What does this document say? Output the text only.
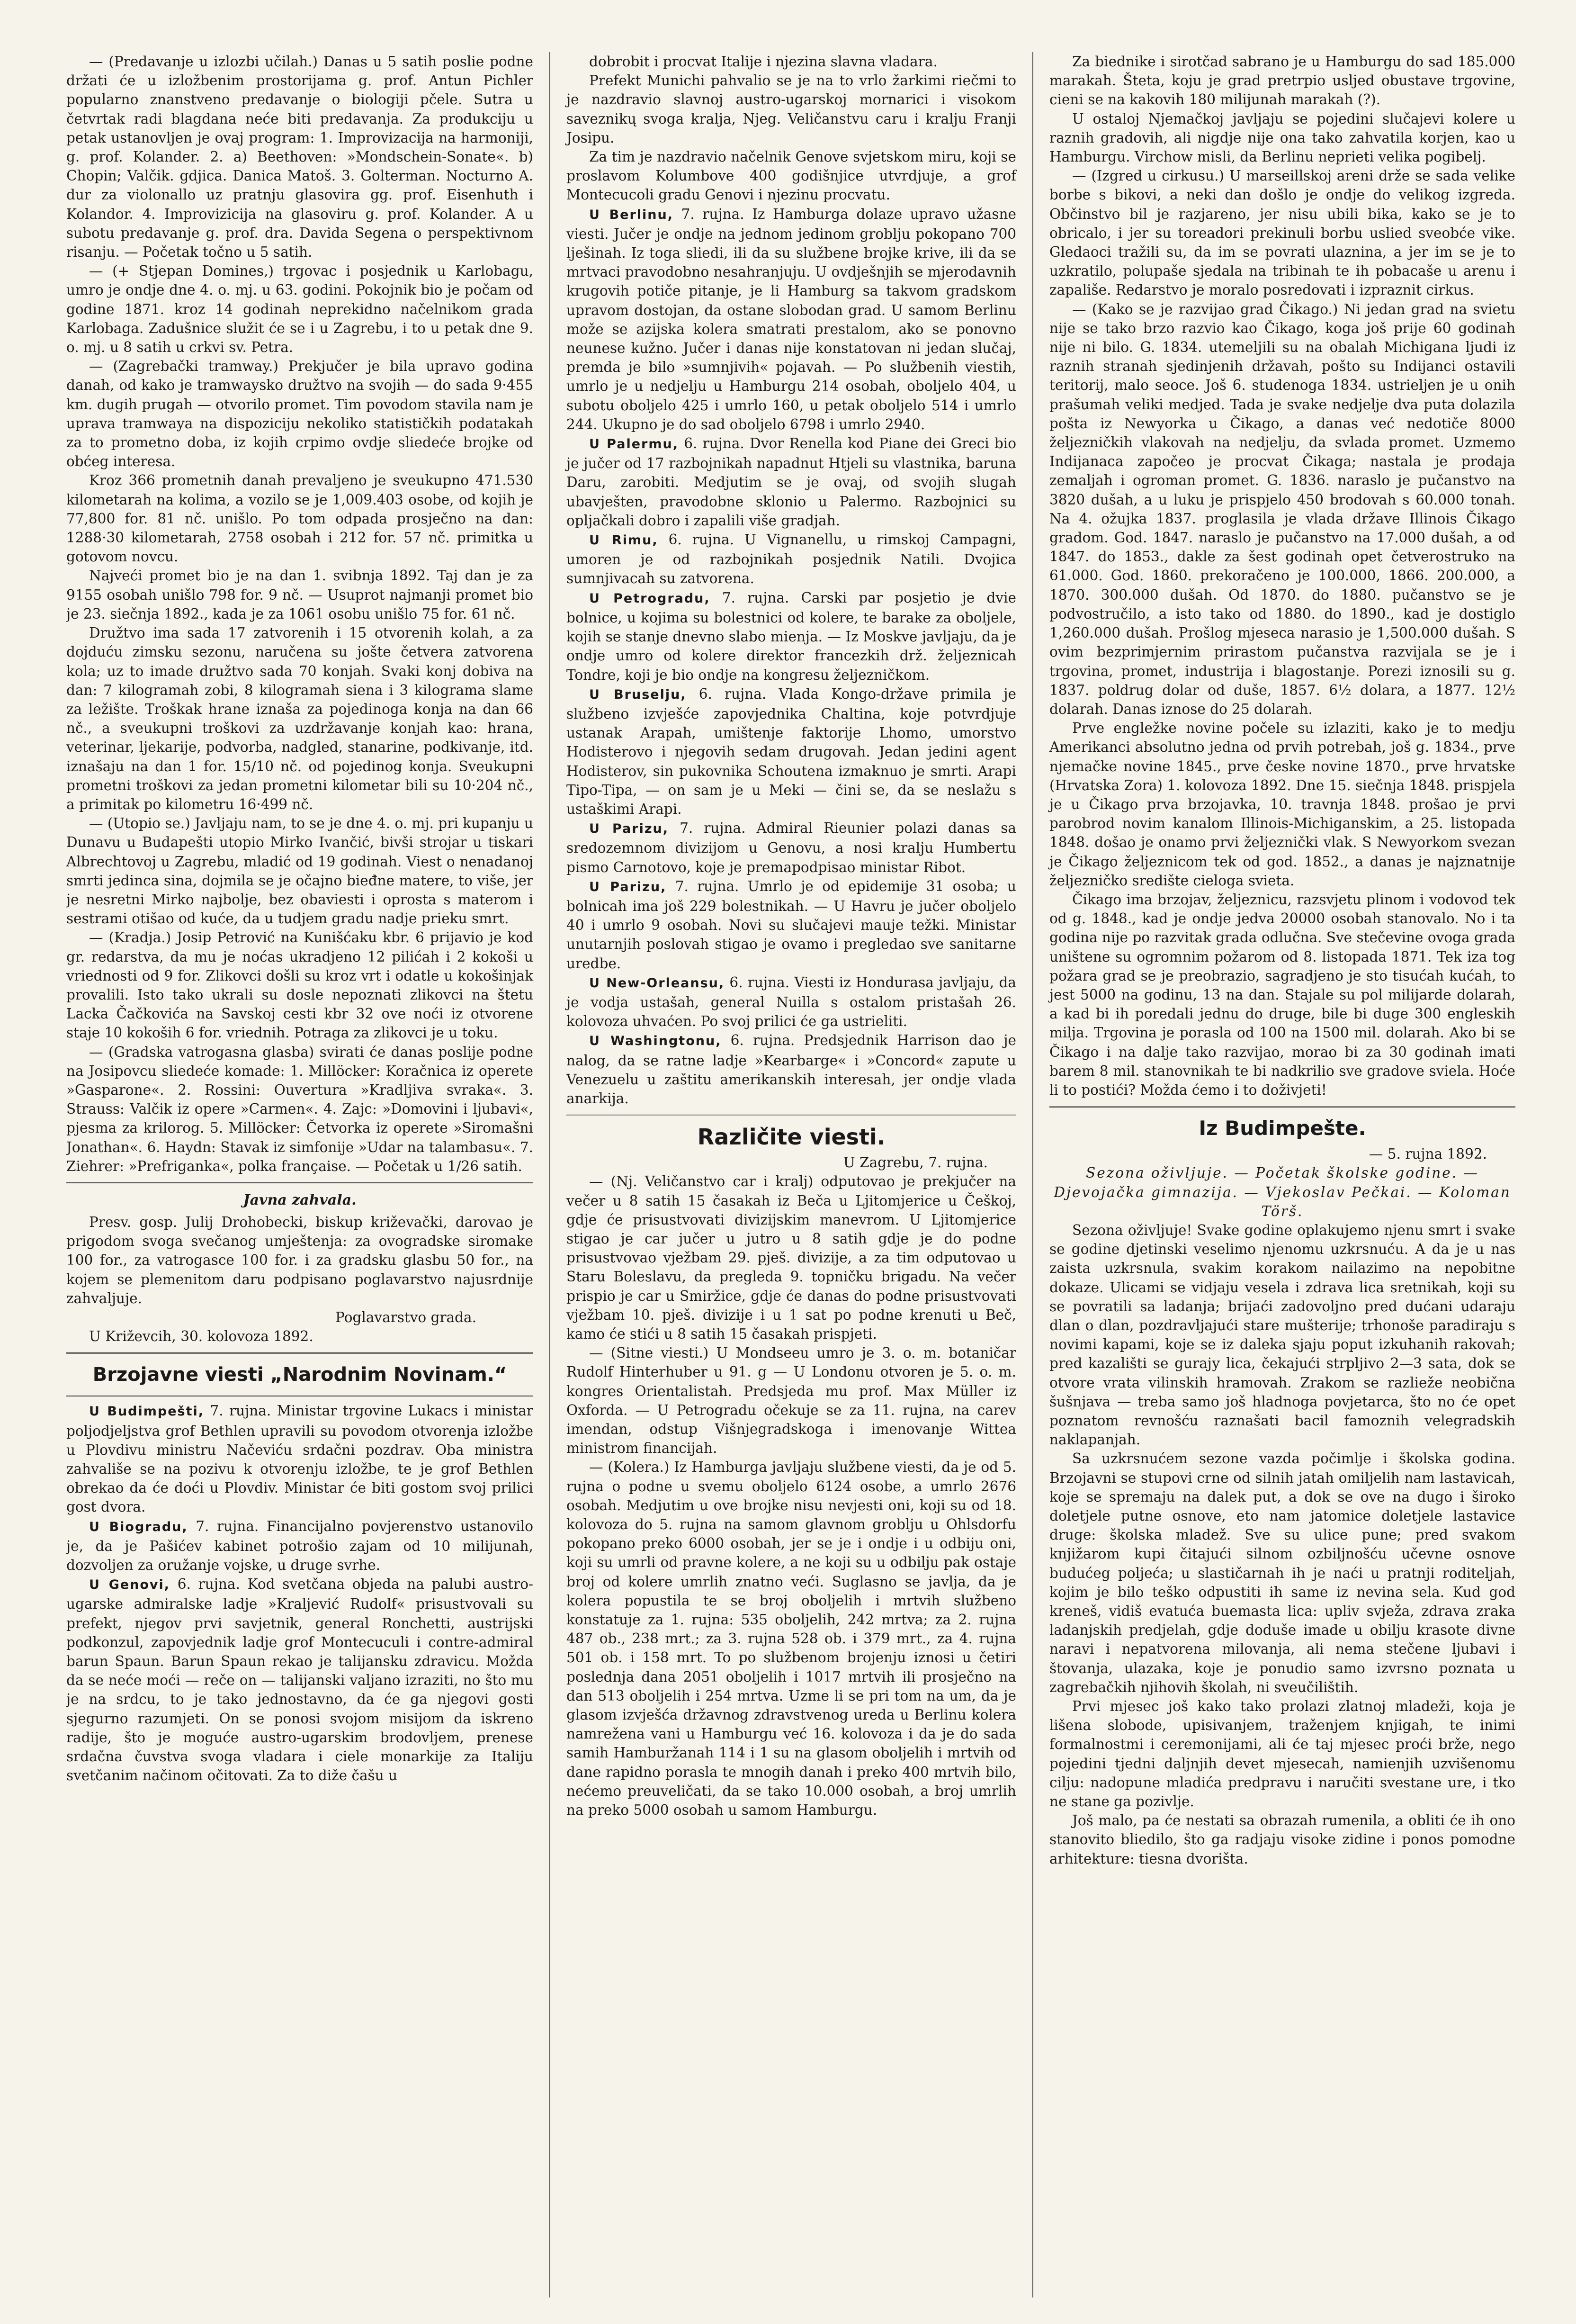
— (Predavanje u izlozbi učilah.) Danas u 5 satih poslie podne držati će u izložbenim prostorijama g. prof. Antun Pichler popularno znanstveno predavanje o biologiji pčele. Sutra u četvrtak radi blagdana neće biti predavanja. Za produkciju u petak ustanovljen je ovaj program: 1. Improvizacija na harmoniji, g. prof. Kolander. 2. a) Beethoven: »Mondschein-Sonate«. b) Chopin; Valčik. gdjica. Danica Matoš. 3. Golterman. Nocturno A. dur za violonallo uz pratnju glasovira gg. prof. Eisenhuth i Kolandor. 4. Improvizicija na glasoviru g. prof. Kolander. A u subotu predavanje g. prof. dra. Davida Segena o perspektivnom risanju. — Početak točno u 5 satih.

— (+ Stjepan Domines,) trgovac i posjednik u Karlobagu, umro je ondje dne 4. o. mj. u 63. godini. Pokojnik bio je počam od godine 1871. kroz 14 godinah neprekidno načelnikom grada Karlobaga. Zadušnice služit će se i u Zagrebu, i to u petak dne 9. o. mj. u 8 satih u crkvi sv. Petra.

— (Zagrebački tramway.) Prekjučer je bila upravo godina danah, od kako je tramwaysko družtvo na svojih — do sada 9·455 km. dugih prugah — otvorilo promet. Tim povodom stavila nam je uprava tramwaya na dispoziciju nekoliko statističkih podatakah za to prometno doba, iz kojih crpimo ovdje sliedeće brojke od obćeg interesa.

Kroz 366 prometnih danah prevaljeno je sveukupno 471.530 kilometarah na kolima, a vozilo se je 1,009.403 osobe, od kojih je 77,800 for. 81 nč. unišlo. Po tom odpada prosječno na dan: 1288·30 kilometarah, 2758 osobah i 212 for. 57 nč. primitka u gotovom novcu.

Najveći promet bio je na dan 1. svibnja 1892. Taj dan je za 9155 osobah unišlo 798 for. 9 nč. — Usuprot najmanji promet bio je 23. siečnja 1892., kada je za 1061 osobu unišlo 75 for. 61 nč.

Družtvo ima sada 17 zatvorenih i 15 otvorenih kolah, a za dojduću zimsku sezonu, naručena su jošte četvera zatvorena kola; uz to imade družtvo sada 70 konjah. Svaki konj dobiva na dan: 7 kilogramah zobi, 8 kilogramah siena i 3 kilograma slame za ležište. Troškak hrane iznaša za pojedinoga konja na dan 66 nč., a sveukupni troškovi za uzdržavanje konjah kao: hrana, veterinar, ljekarije, podvorba, nadgled, stanarine, podkivanje, itd. iznašaju na dan 1 for. 15/10 nč. od pojedinog konja. Sveukupni prometni troškovi za jedan prometni kilometar bili su 10·204 nč., a primitak po kilometru 16·499 nč.

— (Utopio se.) Javljaju nam, to se je dne 4. o. mj. pri kupanju u Dunavu u Budapešti utopio Mirko Ivančić, bivši strojar u tiskari Albrechtovoj u Zagrebu, mladić od 19 godinah. Viest o nenadanoj smrti jedinca sina, dojmila se je očajno bieđne matere, to više, jer je nesretni Mirko najbolje, bez obaviesti i oprosta s materom i sestrami otišao od kuće, da u tudjem gradu nadje prieku smrt.

— (Kradja.) Josip Petrović na Kunišćaku kbr. 6 prijavio je kod gr. redarstva, da mu je noćas ukradjeno 12 pilićah i 2 kokoši u vriednosti od 9 for. Zlikovci došli su kroz vrt i odatle u kokošinjak provalili. Isto tako ukrali su dosle nepoznati zlikovci na štetu Lacka Čačkovića na Savskoj cesti kbr 32 ove noći iz otvorene staje 10 kokoših 6 for. vriednih. Potraga za zlikovci je u toku.

— (Gradska vatrogasna glasba) svirati će danas poslije podne na Josipovcu sliedeće komade: 1. Millöcker: Koračnica iz operete »Gasparone«. 2. Rossini: Ouvertura »Kradljiva svraka«. 3. Strauss: Valčik iz opere »Carmen«. 4. Zajc: »Domovini i ljubavi«, pjesma za krilorog. 5. Millöcker: Četvorka iz operete »Siromašni Jonathan«. 6. Haydn: Stavak iz simfonije »Udar na talambasu«. 7. Ziehrer: »Prefriganka«, polka française. — Početak u 1/26 satih.

Javna zahvala.

Presv. gosp. Julij Drohobecki, biskup križevački, darovao je prigodom svoga svečanog umještenja: za ovogradske siromake 100 for., za vatrogasce 100 for. i za gradsku glasbu 50 for., na kojem se plemenitom daru podpisano poglavarstvo najusrdnije zahvaljuje.

Poglavarstvo grada.

U Križevcih, 30. kolovoza 1892.

Brzojavne viesti „Narodnim Novinam.“

U Budimpešti, 7. rujna. Ministar trgovine Lukacs i ministar poljodjeljstva grof Bethlen upravili su povodom otvorenja izložbe u Plovdivu ministru Načeviću srdačni pozdrav. Oba ministra zahvališe se na pozivu k otvorenju izložbe, te je grof Bethlen obrekao da će doći u Plovdiv. Ministar će biti gostom svoj prilici gost dvora.

U Biogradu, 7. rujna. Financijalno povjerenstvo ustanovilo je, da je Pašićev kabinet potrošio zajam od 10 milijunah, dozvoljen za oružanje vojske, u druge svrhe.

U Genovi, 6. rujna. Kod svetčana objeda na palubi austro-ugarske admiralske ladje »Kraljević Rudolf« prisustvovali su prefekt, njegov prvi savjetnik, general Ronchetti, austrijski podkonzul, zapovjednik ladje grof Montecuculi i contre-admiral barun Spaun. Barun Spaun rekao je talijansku zdravicu. Možda da se neće moći — reče on — talijanski valjano izraziti, no što mu je na srdcu, to je tako jednostavno, da će ga njegovi gosti sjegurno razumjeti. On se ponosi svojom misijom da iskreno radije, što je moguće austro-ugarskim brodovljem, prenese srdačna čuvstva svoga vladara i ciele monarkije za Italiju svetčanim načinom očitovati. Za to diže čašu u

dobrobit i procvat Italije i njezina slavna vladara.

Prefekt Munichi pahvalio se je na to vrlo žarkimi riečmi to je nazdravio slavnoj austro-ugarskoj mornarici i visokom saveznikų svoga kralja, Njeg. Veličanstvu caru i kralju Franji Josipu.

Za tim je nazdravio načelnik Genove svjetskom miru, koji se proslavom Kolumbove 400 godišnjice utvrdjuje, a grof Montecucoli gradu Genovi i njezinu procvatu.

U Berlinu, 7. rujna. Iz Hamburga dolaze upravo užasne viesti. Jučer je ondje na jednom jedinom groblju pokopano 700 lješinah. Iz toga sliedi, ili da su službene brojke krive, ili da se mrtvaci pravodobno nesahranjuju. U ovdješnjih se mjerodavnih krugovih potiče pitanje, je li Hamburg sa takvom gradskom upravom dostojan, da ostane slobodan grad. U samom Berlinu može se azijska kolera smatrati prestalom, ako se ponovno neunese kužno. Jučer i danas nije konstatovan ni jedan slučaj, premda je bilo »sumnjivih« pojavah. — Po službenih viestih, umrlo je u nedjelju u Hamburgu 214 osobah, oboljelo 404, u subotu oboljelo 425 i umrlo 160, u petak oboljelo 514 i umrlo 244. Ukupno je do sad oboljelo 6798 i umrlo 2940.

U Palermu, 6. rujna. Dvor Renella kod Piane dei Greci bio je jučer od 17 razbojnikah napadnut Htjeli su vlastnika, baruna Daru, zarobiti. Medjutim se je ovaj, od svojih slugah ubavješten, pravodobne sklonio u Palermo. Razbojnici su opljačkali dobro i zapalili više gradjah.

U Rimu, 6. rujna. U Vignanellu, u rimskoj Campagni, umoren je od razbojnikah posjednik Natili. Dvojica sumnjivacah su zatvorena.

U Petrogradu, 7. rujna. Carski par posjetio je dvie bolnice, u kojima su bolestnici od kolere, te barake za oboljele, kojih se stanje dnevno slabo mienja. — Iz Moskve javljaju, da je ondje umro od kolere direktor francezkih drž. željeznicah Tondre, koji je bio ondje na kongresu željezničkom.

U Bruselju, 6. rujna. Vlada Kongo-države primila je službeno izvješće zapovjednika Chaltina, koje potvrdjuje ustanak Arapah, umištenje faktorije Lhomo, umorstvo Hodisterovo i njegovih sedam drugovah. Jedan jedini agent Hodisterov, sin pukovnika Schoutena izmaknuo je smrti. Arapi Tipo-Tipa, — on sam je u Meki — čini se, da se neslažu s ustaškimi Arapi.

U Parizu, 7. rujna. Admiral Rieunier polazi danas sa sredozemnom divizijom u Genovu, a nosi kralju Humbertu pismo Carnotovo, koje je premapodpisao ministar Ribot.

U Parizu, 7. rujna. Umrlo je od epidemije 31 osoba; u bolnicah ima još 229 bolestnikah. — U Havru je jučer oboljelo 40 i umrlo 9 osobah. Novi su slučajevi mauje težki. Ministar unutarnjih poslovah stigao je ovamo i pregledao sve sanitarne uredbe.

U New-Orleansu, 6. rujna. Viesti iz Hondurasa javljaju, da je vodja ustašah, general Nuilla s ostalom pristašah 26. kolovoza uhvaćen. Po svoj prilici će ga ustrieliti.

U Washingtonu, 6. rujna. Predsjednik Harrison dao je nalog, da se ratne ladje »Kearbarge« i »Concord« zapute u Venezuelu u zaštitu amerikanskih interesah, jer ondje vlada anarkija.

Različite viesti.

U Zagrebu, 7. rujna.

— (Nj. Veličanstvo car i kralj) odputovao je prekjučer na večer u 8 satih 15 časakah iz Beča u Ljitomjerice u Češkoj, gdje će prisustvovati divizijskim manevrom. U Ljitomjerice stigao je car jučer u jutro u 8 satih gdje je do podne prisustvovao vježbam 29. pješ. divizije, a za tim odputovao u Staru Boleslavu, da pregleda 9. topničku brigadu. Na večer prispio je car u Smiržice, gdje će danas do podne prisustvovati vježbam 10. pješ. divizije i u 1 sat po podne krenuti u Beč, kamo će stići u 8 satih 15 časakah prispjeti.

— (Sitne viesti.) U Mondseeu umro je 3. o. m. botaničar Rudolf Hinterhuber u 91. g — U Londonu otvoren je 5. o. m. kongres Orientalistah. Predsjeda mu prof. Max Müller iz Oxforda. — U Petrogradu očekuje se za 11. rujna, na carev imendan, odstup Višnjegradskoga i imenovanje Wittea ministrom financijah.

— (Kolera.) Iz Hamburga javljaju službene viesti, da je od 5. rujna o podne u svemu oboljelo 6124 osobe, a umrlo 2676 osobah. Medjutim u ove brojke nisu nevjesti oni, koji su od 18. kolovoza do 5. rujna na samom glavnom groblju u Ohlsdorfu pokopano preko 6000 osobah, jer se je i ondje i u odbiju oni, koji su umrli od pravne kolere, a ne koji su u odbilju pak ostaje broj od kolere umrlih znatno veći. Suglasno se javlja, da je kolera popustila te se broj oboljelih i mrtvih službeno konstatuje za 1. rujna: 535 oboljelih, 242 mrtva; za 2. rujna 487 ob., 238 mrt.; za 3. rujna 528 ob. i 379 mrt., za 4. rujna 501 ob. i 158 mrt. To po službenom brojenju iznosi u četiri poslednja dana 2051 oboljelih i 1017 mrtvih ili prosječno na dan 513 oboljelih i 254 mrtva. Uzme li se pri tom na um, da je glasom izvješća državnog zdravstvenog ureda u Berlinu kolera namrežena vani u Hamburgu već 16. kolovoza i da je do sada samih Hamburžanah 114 i 1 su na glasom oboljelih i mrtvih od dane rapidno porasla te mnogih danah i preko 400 mrtvih bilo, nećemo preuveličati, da se tako 10.000 osobah, a broj umrlih na preko 5000 osobah u samom Hamburgu.

Za biednike i sirotčad sabrano je u Hamburgu do sad 185.000 marakah. Šteta, koju je grad pretrpio usljed obustave trgovine, cieni se na kakovih 180 milijunah marakah (?).

U ostaloj Njemačkoj javljaju se pojedini slučajevi kolere u raznih gradovih, ali nigdje nije ona tako zahvatila korjen, kao u Hamburgu. Virchow misli, da Berlinu neprieti velika pogibelj.

— (Izgred u cirkusu.) U marseillskoj areni drže se sada velike borbe s bikovi, a neki dan došlo je ondje do velikog izgreda. Občinstvo bil je razjareno, jer nisu ubili bika, kako se je to obricalo, i jer su toreadori prekinuli borbu uslied sveobće vike. Gledaoci tražili su, da im se povrati ulaznina, a jer im se je to uzkratilo, polupaše sjedala na tribinah te ih pobacaše u arenu i zapališe. Redarstvo je moralo posredovati i izpraznit cirkus.

— (Kako se je razvijao grad Čikago.) Ni jedan grad na svietu nije se tako brzo razvio kao Čikago, koga još prije 60 godinah nije ni bilo. G. 1834. utemeljili su na obalah Michigana ljudi iz raznih stranah sjedinjenih državah, pošto su Indijanci ostavili teritorij, malo seoce. Još 6. studenoga 1834. ustrieljen je u onih prašumah veliki medjed. Tada je svake nedjelje dva puta dolazila pošta iz Newyorka u Čikago, a danas već nedotiče 8000 željezničkih vlakovah na nedjelju, da svlada promet. Uzmemo Indijanaca započeo je procvat Čikaga; nastala je prodaja zemaljah i ogroman promet. G. 1836. naraslo je pučanstvo na 3820 dušah, a u luku je prispjelo 450 brodovah s 60.000 tonah. Na 4. ožujka 1837. proglasila je vlada države Illinois Čikago gradom. God. 1847. naraslo je pučanstvo na 17.000 dušah, a od 1847. do 1853., dakle za šest godinah opet četverostruko na 61.000. God. 1860. prekoračeno je 100.000, 1866. 200.000, a 1870. 300.000 dušah. Od 1870. do 1880. pučanstvo se je podvostručilo, a isto tako od 1880. do 1890., kad je dostiglo 1,260.000 dušah. Prošlog mjeseca narasio je 1,500.000 dušah. S ovim bezprimjernim prirastom pučanstva razvijala se je i trgovina, promet, industrija i blagostanje. Porezi iznosili su g. 1837. poldrug dolar od duše, 1857. 6½ dolara, a 1877. 12½ dolarah. Danas iznose do 25 dolarah.

Prve engležke novine počele su izlaziti, kako je to medju Amerikanci absolutno jedna od prvih potrebah, još g. 1834., prve njemačke novine 1845., prve českе novine 1870., prve hrvatske (Hrvatska Zora) 1. kolovoza 1892. Dne 15. siečnja 1848. prispjela je u Čikago prva brzojavka, 10. travnja 1848. prošao je prvi parobrod novim kanalom Illinois-Michiganskim, a 25. listopada 1848. došao je onamo prvi željeznički vlak. S Newyorkom svezan je Čikago željeznicom tek od god. 1852., a danas je najznatnije željezničko središte cieloga svieta.

Čikago ima brzojav, željeznicu, razsvjetu plinom i vodovod tek od g. 1848., kad je ondje jedva 20000 osobah stanovalo. No i ta godina nije po razvitak grada odlučna. Sve stečevine ovoga grada uništene su ogromnim požarom od 8. listopada 1871. Tek iza tog požara grad se je preobrazio, sagradjeno je sto tisućah kućah, to jest 5000 na godinu, 13 na dan. Stajale su pol milijarde dolarah, a kad bi ih poredali jednu do druge, bile bi duge 300 engleskih milja. Trgovina je porasla od 100 na 1500 mil. dolarah. Ako bi se Čikago i na dalje tako razvijao, morao bi za 30 godinah imati barem 8 mil. stanovnikah te bi nadkrilio sve gradove sviela. Hoće li to postići? Možda ćemo i to doživjeti!

Iz Budimpešte.

— 5. rujna 1892.

Sezona oživljuje. — Početak školske godine. — Djevojačka gimnazija. — Vjekoslav Pečkai. — Koloman Törš.

Sezona oživljuje! Svake godine oplakujemo njenu smrt i svake se godine djetinski veselimo njenomu uzkrsnuću. A da je u nas zaista uzkrsnula, svakim korakom nailazimo na nepobitne dokaze. Ulicami se vidjaju vesela i zdrava lica sretnikah, koji su se povratili sa ladanja; brijaći zadovoljno pred dućani udaraju dlan o dlan, pozdravljajući stare mušterije; trhonoše paradiraju s novimi kapami, koje se iz daleka sjaju poput izkuhanih rakovah; pred kazališti se gurају lica, čekajući strpljivo 2—3 sata, dok se otvore vrata vilinskih hramovah. Zrakom se razlieže neobična šušnjava — treba samo još hladnoga povjetarca, što no će opet poznatom revnošću raznašati bacil famoznih velegradskih naklapanjah.

Sa uzkrsnućem sezone vazda počimlje i školska godina. Brzojavni se stupovi crne od silnih jatah omiljelih nam lastavicah, koje se spremaju na dalek put, a dok se ove na dugo i široko doletjele putne osnove, eto nam jatomice doletjele lastavice druge: školska mladež. Sve su ulice pune; pred svakom knjižarom kupi čitajući silnom ozbiljnošću učevne osnove budućeg poljeća; u slastičarnah ih je naći u pratnji roditeljah, kojim je bilo teško odpustiti ih same iz nevina sela. Kud god kreneš, vidiš evatuća buemasta lica: upliv svježa, zdrava zraka ladanjskih predjelah, gdje doduše imade u obilju krasote divne naravi i nepatvorena milovanja, ali nema stečene ljubavi i štovanja, ulazaka, koje je ponudio samo izvrsno poznata u zagrebačkih njihovih školah, ni sveučilištih.

Prvi mjesec još kako tako prolazi zlatnoj mladeži, koja je lišena slobode, upisivanjem, traženjem knjigah, te inimi formalnostmi i ceremonijami, ali će taj mjesec proći brže, nego pojedini tjedni daljnjih devet mjesecah, namienjih uzvišenomu cilju: nadopune mladića predpravu i naručiti svestane ure, i tko ne stane ga pozivlje.

Još malo, pa će nestati sa obrazah rumenila, a obliti će ih ono stanovito bliedilo, što ga radjaju visoke zidine i ponos pomodne arhitekture: tiesna dvorišta.
